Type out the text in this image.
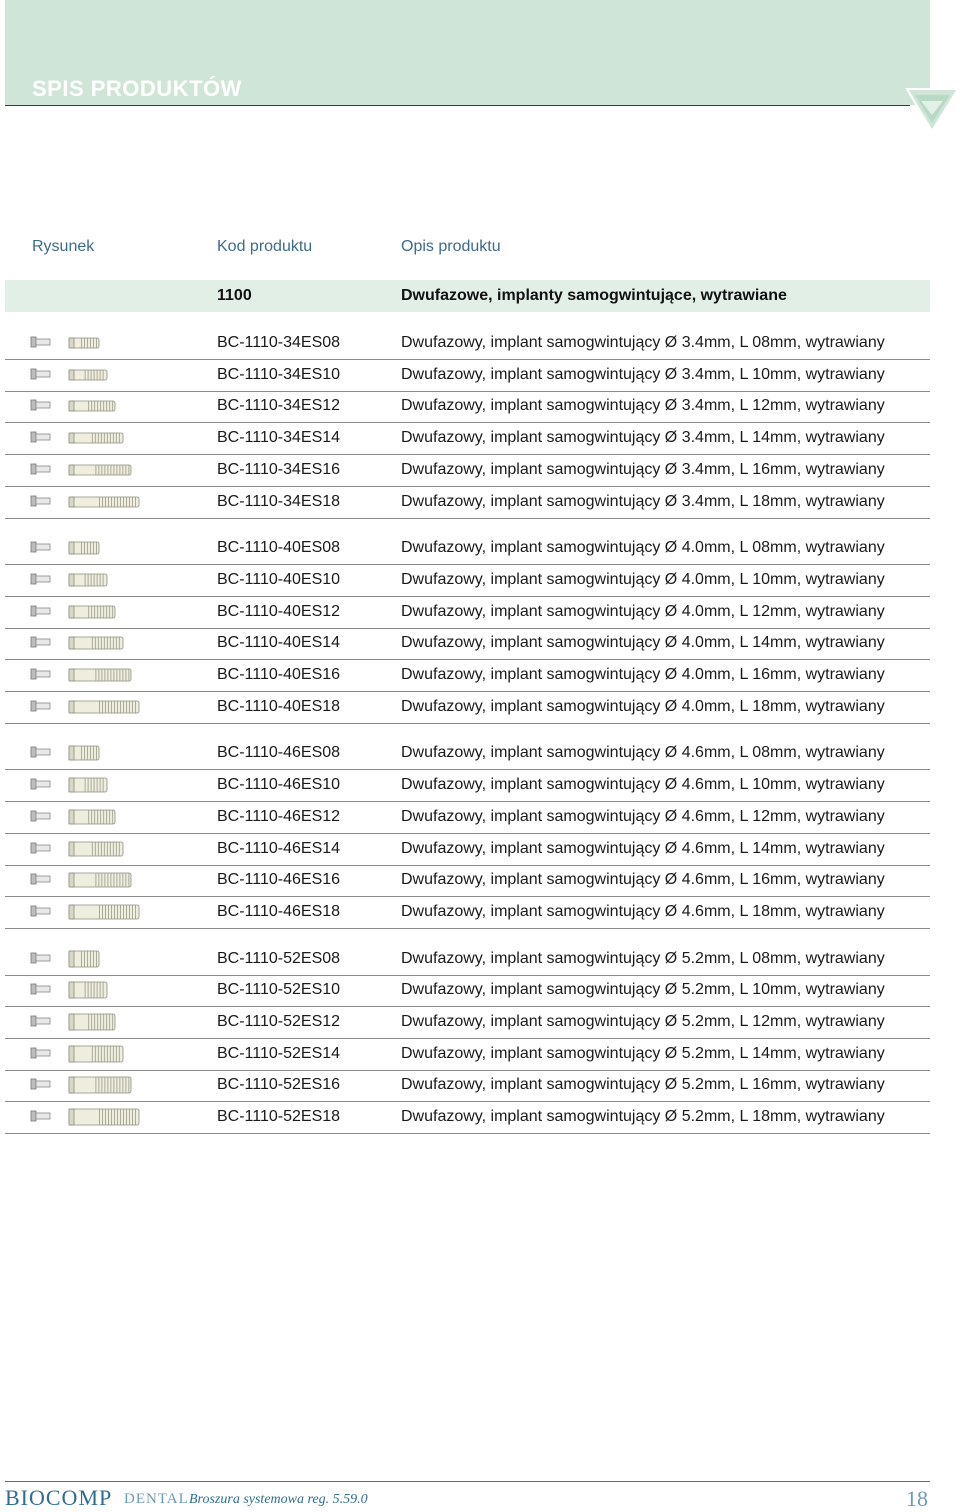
SPIS PRODUKTÓW
Rysunek	Kod produktu	Opis produktu
1100	Dwufazowe, implanty samogwintujące, wytrawiane
BC-1110-34ES08	Dwufazowy, implant samogwintujący Ø 3.4mm, L 08mm, wytrawiany
BC-1110-34ES10	Dwufazowy, implant samogwintujący Ø 3.4mm, L 10mm, wytrawiany
BC-1110-34ES12	Dwufazowy, implant samogwintujący Ø 3.4mm, L 12mm, wytrawiany
BC-1110-34ES14	Dwufazowy, implant samogwintujący Ø 3.4mm, L 14mm, wytrawiany
BC-1110-34ES16	Dwufazowy, implant samogwintujący Ø 3.4mm, L 16mm, wytrawiany
BC-1110-34ES18	Dwufazowy, implant samogwintujący Ø 3.4mm, L 18mm, wytrawiany
BC-1110-40ES08	Dwufazowy, implant samogwintujący Ø 4.0mm, L 08mm, wytrawiany
BC-1110-40ES10	Dwufazowy, implant samogwintujący Ø 4.0mm, L 10mm, wytrawiany
BC-1110-40ES12	Dwufazowy, implant samogwintujący Ø 4.0mm, L 12mm, wytrawiany
BC-1110-40ES14	Dwufazowy, implant samogwintujący Ø 4.0mm, L 14mm, wytrawiany
BC-1110-40ES16	Dwufazowy, implant samogwintujący Ø 4.0mm, L 16mm, wytrawiany
BC-1110-40ES18	Dwufazowy, implant samogwintujący Ø 4.0mm, L 18mm, wytrawiany
BC-1110-46ES08	Dwufazowy, implant samogwintujący Ø 4.6mm, L 08mm, wytrawiany
BC-1110-46ES10	Dwufazowy, implant samogwintujący Ø 4.6mm, L 10mm, wytrawiany
BC-1110-46ES12	Dwufazowy, implant samogwintujący Ø 4.6mm, L 12mm, wytrawiany
BC-1110-46ES14	Dwufazowy, implant samogwintujący Ø 4.6mm, L 14mm, wytrawiany
BC-1110-46ES16	Dwufazowy, implant samogwintujący Ø 4.6mm, L 16mm, wytrawiany
BC-1110-46ES18	Dwufazowy, implant samogwintujący Ø 4.6mm, L 18mm, wytrawiany
BC-1110-52ES08	Dwufazowy, implant samogwintujący Ø 5.2mm, L 08mm, wytrawiany
BC-1110-52ES10	Dwufazowy, implant samogwintujący Ø 5.2mm, L 10mm, wytrawiany
BC-1110-52ES12	Dwufazowy, implant samogwintujący Ø 5.2mm, L 12mm, wytrawiany
BC-1110-52ES14	Dwufazowy, implant samogwintujący Ø 5.2mm, L 14mm, wytrawiany
BC-1110-52ES16	Dwufazowy, implant samogwintujący Ø 5.2mm, L 16mm, wytrawiany
BC-1110-52ES18	Dwufazowy, implant samogwintujący Ø 5.2mm, L 18mm, wytrawiany
BIOCOMP DENTAL Broszura systemowa reg. 5.59.0	18
